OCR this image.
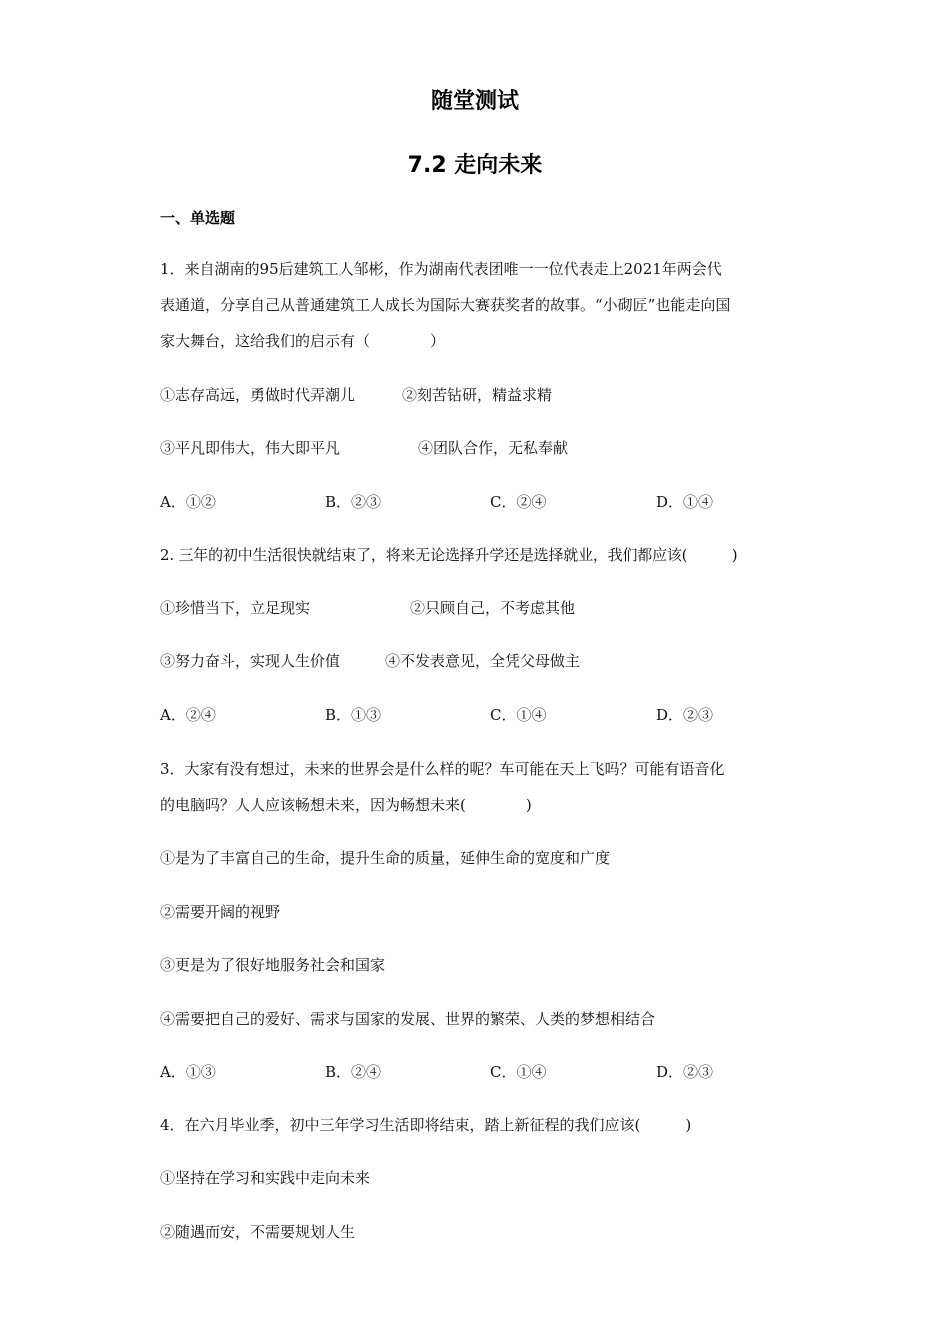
随堂测试
7.2 走向未来
一、单选题
1．来自湖南的95后建筑工人邹彬，作为湖南代表团唯一一位代表走上2021年两会代
表通道，分享自己从普通建筑工人成长为国际大赛获奖者的故事。“小砌匠”也能走向国
家大舞台，这给我们的启示有（　　　　）
①志存高远，勇做时代弄潮儿	②刻苦钻研，精益求精
③平凡即伟大，伟大即平凡	④团队合作，无私奉献
A．①②	B．②③	C．②④	D．①④
2. 三年的初中生活很快就结束了，将来无论选择升学还是选择就业，我们都应该(　　　)
①珍惜当下，立足现实	②只顾自己，不考虑其他
③努力奋斗，实现人生价值	④不发表意见，全凭父母做主
A．②④	B．①③	C．①④	D．②③
3．大家有没有想过，未来的世界会是什么样的呢？车可能在天上飞吗？可能有语音化
的电脑吗？人人应该畅想未来，因为畅想未来(　　　　)
①是为了丰富自己的生命，提升生命的质量，延伸生命的宽度和广度
②需要开阔的视野
③更是为了很好地服务社会和国家
④需要把自己的爱好、需求与国家的发展、世界的繁荣、人类的梦想相结合
A．①③	B．②④	C．①④	D．②③
4．在六月毕业季，初中三年学习生活即将结束，踏上新征程的我们应该(　　　)
①坚持在学习和实践中走向未来
②随遇而安，不需要规划人生
